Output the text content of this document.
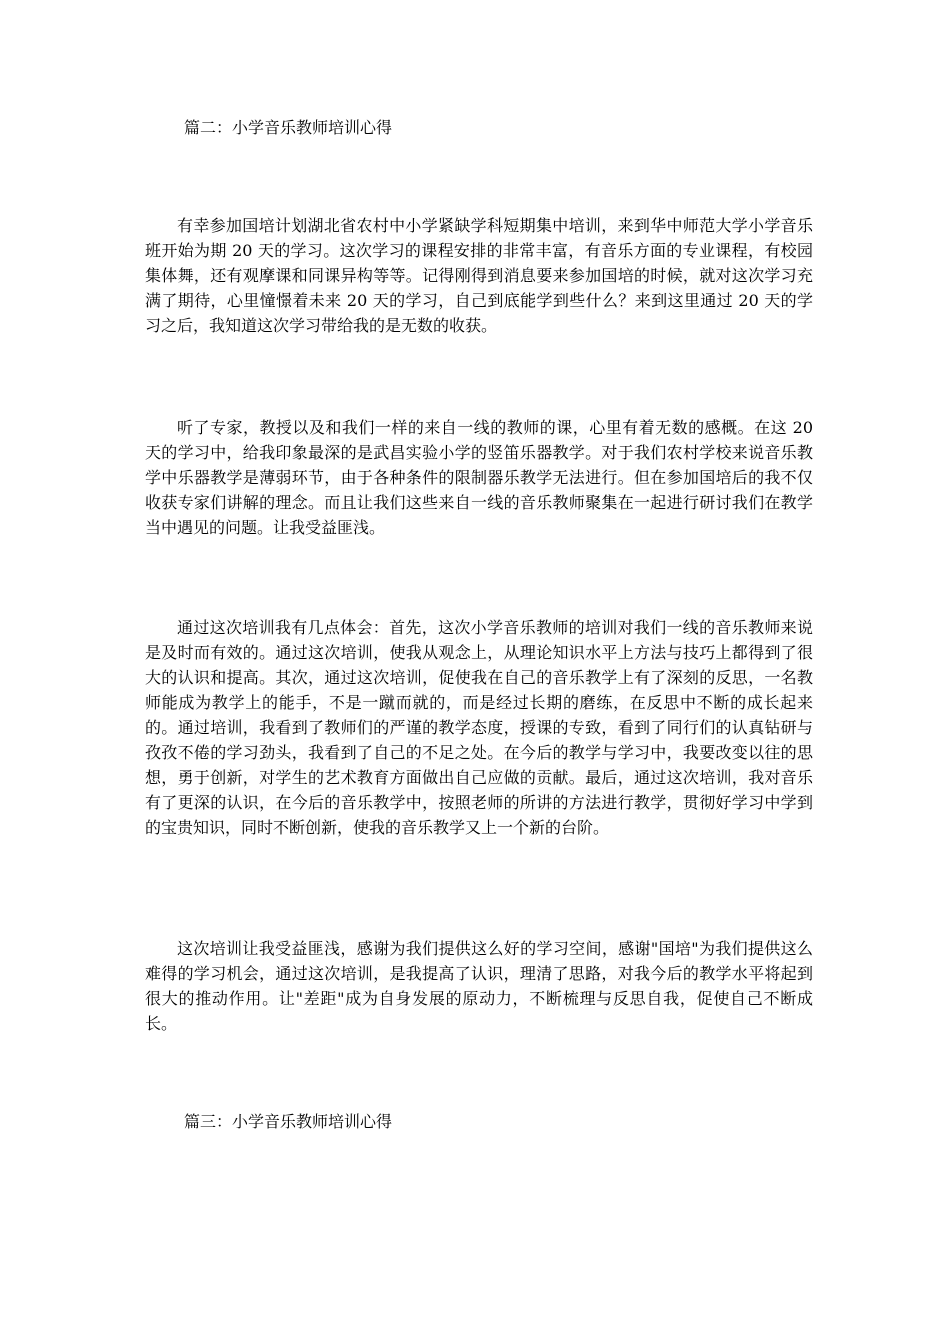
篇二：小学音乐教师培训心得
有幸参加国培计划湖北省农村中小学紧缺学科短期集中培训，来到华中师范大学小学音乐班开始为期 20 天的学习。这次学习的课程安排的非常丰富，有音乐方面的专业课程，有校园集体舞，还有观摩课和同课异构等等。记得刚得到消息要来参加国培的时候，就对这次学习充满了期待，心里憧憬着未来 20 天的学习，自己到底能学到些什么？来到这里通过 20 天的学习之后，我知道这次学习带给我的是无数的收获。
听了专家，教授以及和我们一样的来自一线的教师的课，心里有着无数的感概。在这 20 天的学习中，给我印象最深的是武昌实验小学的竖笛乐器教学。对于我们农村学校来说音乐教学中乐器教学是薄弱环节，由于各种条件的限制器乐教学无法进行。但在参加国培后的我不仅收获专家们讲解的理念。而且让我们这些来自一线的音乐教师聚集在一起进行研讨我们在教学当中遇见的问题。让我受益匪浅。
通过这次培训我有几点体会：首先，这次小学音乐教师的培训对我们一线的音乐教师来说是及时而有效的。通过这次培训，使我从观念上，从理论知识水平上方法与技巧上都得到了很大的认识和提高。其次，通过这次培训，促使我在自己的音乐教学上有了深刻的反思，一名教师能成为教学上的能手，不是一蹴而就的，而是经过长期的磨练，在反思中不断的成长起来的。通过培训，我看到了教师们的严谨的教学态度，授课的专致，看到了同行们的认真钻研与孜孜不倦的学习劲头，我看到了自己的不足之处。在今后的教学与学习中，我要改变以往的思想，勇于创新，对学生的艺术教育方面做出自己应做的贡献。最后，通过这次培训，我对音乐有了更深的认识，在今后的音乐教学中，按照老师的所讲的方法进行教学，贯彻好学习中学到的宝贵知识，同时不断创新，使我的音乐教学又上一个新的台阶。
这次培训让我受益匪浅，感谢为我们提供这么好的学习空间，感谢"国培"为我们提供这么难得的学习机会，通过这次培训，是我提高了认识，理清了思路，对我今后的教学水平将起到很大的推动作用。让"差距"成为自身发展的原动力，不断梳理与反思自我，促使自己不断成长。
篇三：小学音乐教师培训心得
